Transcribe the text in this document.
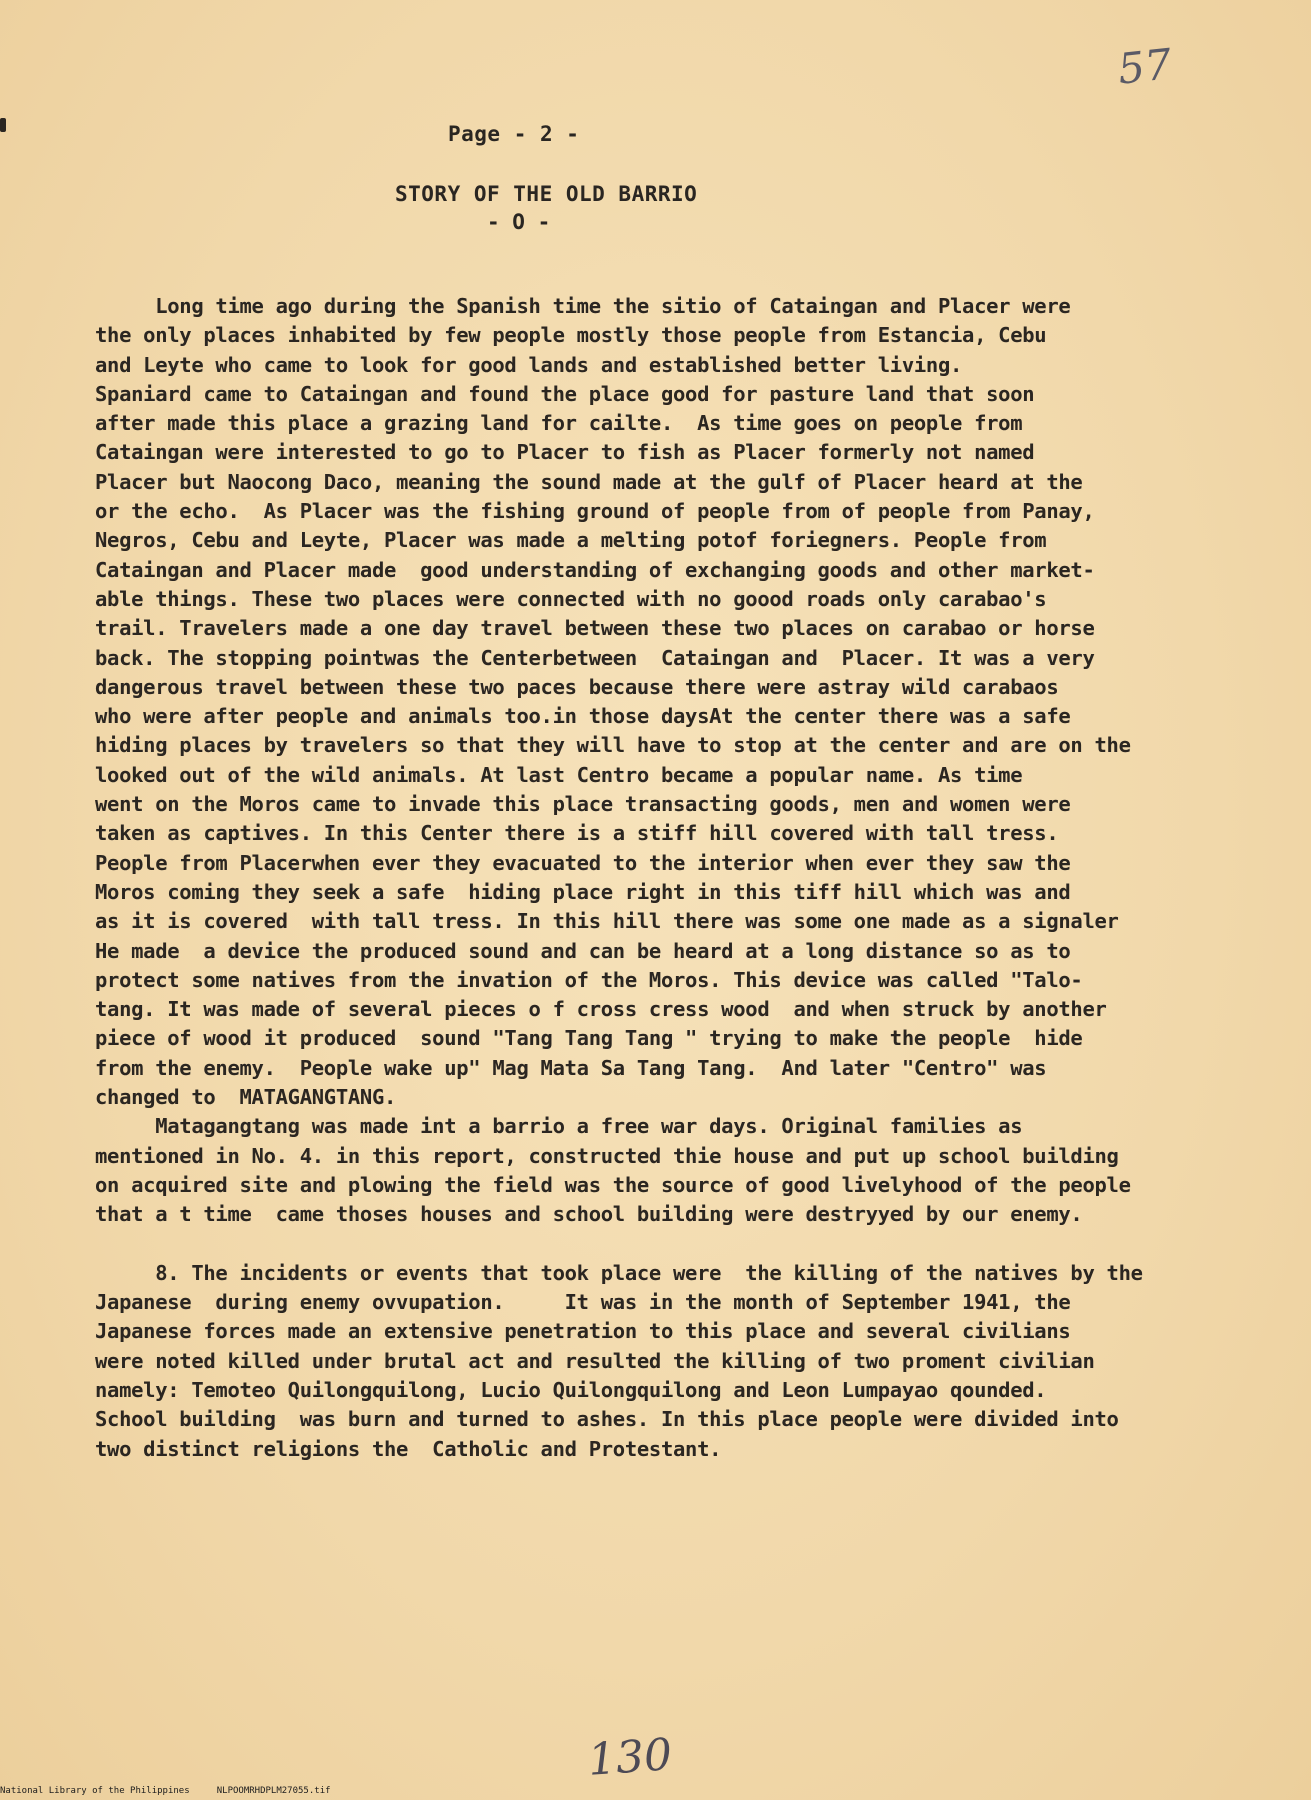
57
Page - 2 -
STORY OF THE OLD BARRIO
- O -
Long time ago during the Spanish time the sitio of Cataingan and Placer were
the only places inhabited by few people mostly those people from Estancia, Cebu
and Leyte who came to look for good lands and established better living.
Spaniard came to Cataingan and found the place good for pasture land that soon
after made this place a grazing land for cailte.  As time goes on people from
Cataingan were interested to go to Placer to fish as Placer formerly not named
Placer but Naocong Daco, meaning the sound made at the gulf of Placer heard at the
or the echo.  As Placer was the fishing ground of people from of people from Panay,
Negros, Cebu and Leyte, Placer was made a melting potof foriegners. People from
Cataingan and Placer made  good understanding of exchanging goods and other market-
able things. These two places were connected with no goood roads only carabao's
trail. Travelers made a one day travel between these two places on carabao or horse
back. The stopping pointwas the Centerbetween  Cataingan and  Placer. It was a very
dangerous travel between these two paces because there were astray wild carabaos
who were after people and animals too.in those daysAt the center there was a safe
hiding places by travelers so that they will have to stop at the center and are on the
looked out of the wild animals. At last Centro became a popular name. As time
went on the Moros came to invade this place transacting goods, men and women were
taken as captives. In this Center there is a stiff hill covered with tall tress.
People from Placerwhen ever they evacuated to the interior when ever they saw the
Moros coming they seek a safe  hiding place right in this tiff hill which was and
as it is covered  with tall tress. In this hill there was some one made as a signaler
He made  a device the produced sound and can be heard at a long distance so as to
protect some natives from the invation of the Moros. This device was called "Talo-
tang. It was made of several pieces o f cross cress wood  and when struck by another
piece of wood it produced  sound "Tang Tang Tang " trying to make the people  hide
from the enemy.  People wake up" Mag Mata Sa Tang Tang.  And later "Centro" was
changed to  MATAGANGTANG.
Matagangtang was made int a barrio a free war days. Original families as
mentioned in No. 4. in this report, constructed thie house and put up school building
on acquired site and plowing the field was the source of good livelyhood of the people
that a t time  came thoses houses and school building were destryyed by our enemy.
8. The incidents or events that took place were  the killing of the natives by the
Japanese  during enemy ovvupation.     It was in the month of September 1941, the
Japanese forces made an extensive penetration to this place and several civilians
were noted killed under brutal act and resulted the killing of two proment civilian
namely: Temoteo Quilongquilong, Lucio Quilongquilong and Leon Lumpayao qounded.
School building  was burn and turned to ashes. In this place people were divided into
two distinct religions the  Catholic and Protestant.
130
National Library of the Philippines     NLPOOMRHDPLM27055.tif
